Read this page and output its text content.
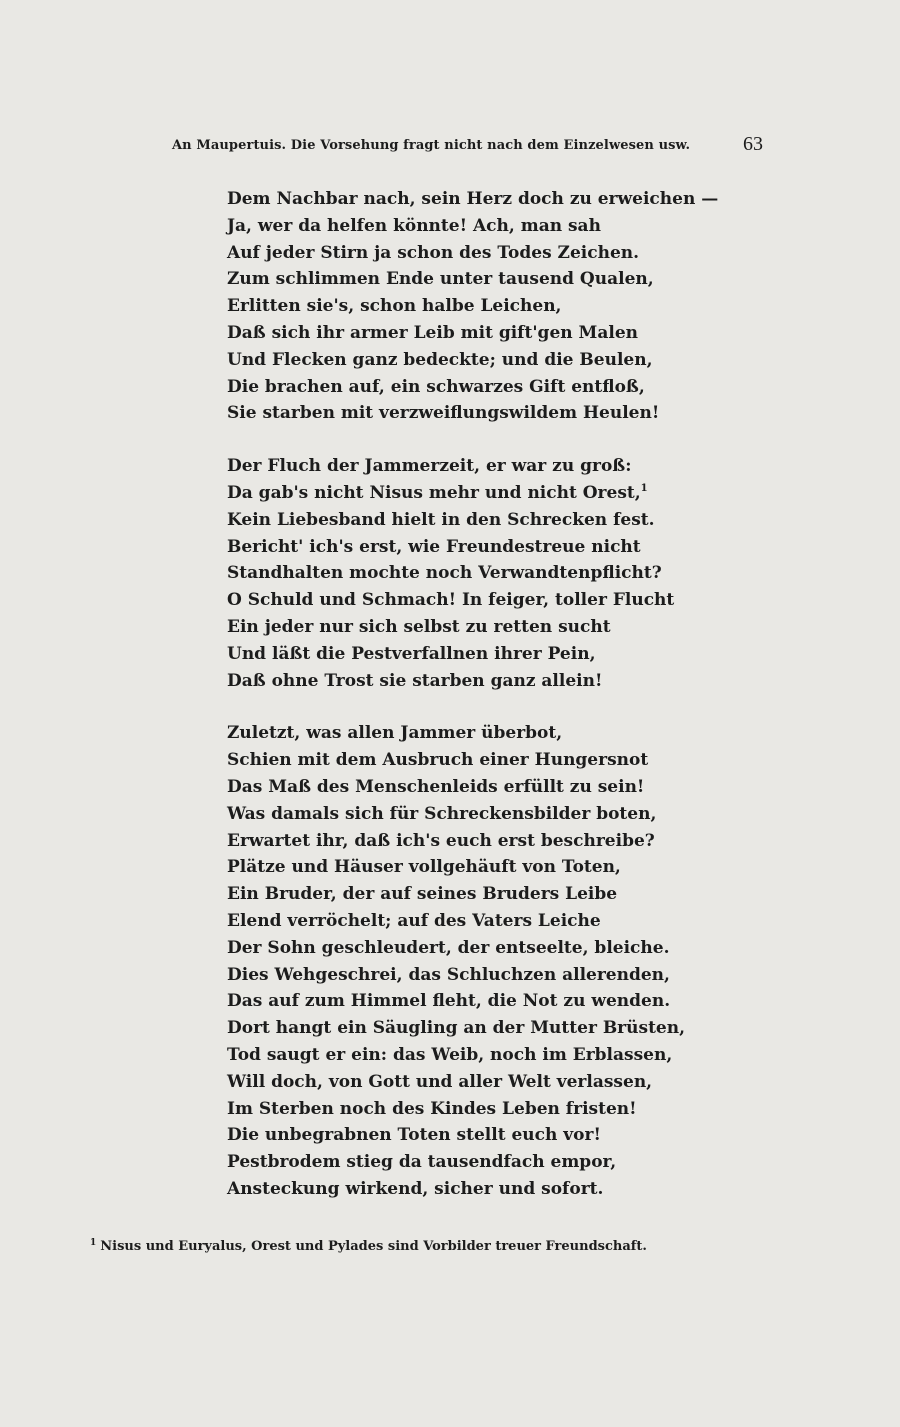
An Maupertuis. Die Vorsehung fragt nicht nach dem Einzelwesen usw.	63
Dem Nachbar nach, sein Herz doch zu erweichen —
Ja, wer da helfen könnte! Ach, man sah
Auf jeder Stirn ja schon des Todes Zeichen.
Zum schlimmen Ende unter tausend Qualen,
Erlitten sie's, schon halbe Leichen,
Daß sich ihr armer Leib mit gift'gen Malen
Und Flecken ganz bedeckte; und die Beulen,
Die brachen auf, ein schwarzes Gift entfloß,
Sie starben mit verzweiflungswildem Heulen!
Der Fluch der Jammerzeit, er war zu groß:
Da gab's nicht Nisus mehr und nicht Orest,$^1$
Kein Liebesband hielt in den Schrecken fest.
Bericht' ich's erst, wie Freundestreue nicht
Standhalten mochte noch Verwandtenpflicht?
O Schuld und Schmach! In feiger, toller Flucht
Ein jeder nur sich selbst zu retten sucht
Und läßt die Pestverfallnen ihrer Pein,
Daß ohne Trost sie starben ganz allein!
Zuletzt, was allen Jammer überbot,
Schien mit dem Ausbruch einer Hungersnot
Das Maß des Menschenleids erfüllt zu sein!
Was damals sich für Schreckensbilder boten,
Erwartet ihr, daß ich's euch erst beschreibe?
Plätze und Häuser vollgehäuft von Toten,
Ein Bruder, der auf seines Bruders Leibe
Elend verröchelt; auf des Vaters Leiche
Der Sohn geschleudert, der entseelte, bleiche.
Dies Wehgeschrei, das Schluchzen allerenden,
Das auf zum Himmel fleht, die Not zu wenden.
Dort hangt ein Säugling an der Mutter Brüsten,
Tod saugt er ein: das Weib, noch im Erblassen,
Will doch, von Gott und aller Welt verlassen,
Im Sterben noch des Kindes Leben fristen!
Die unbegrabnen Toten stellt euch vor!
Pestbrodem stieg da tausendfach empor,
Ansteckung wirkend, sicher und sofort.
$^1$ Nisus und Euryalus, Orest und Pylades sind Vorbilder treuer Freundschaft.
